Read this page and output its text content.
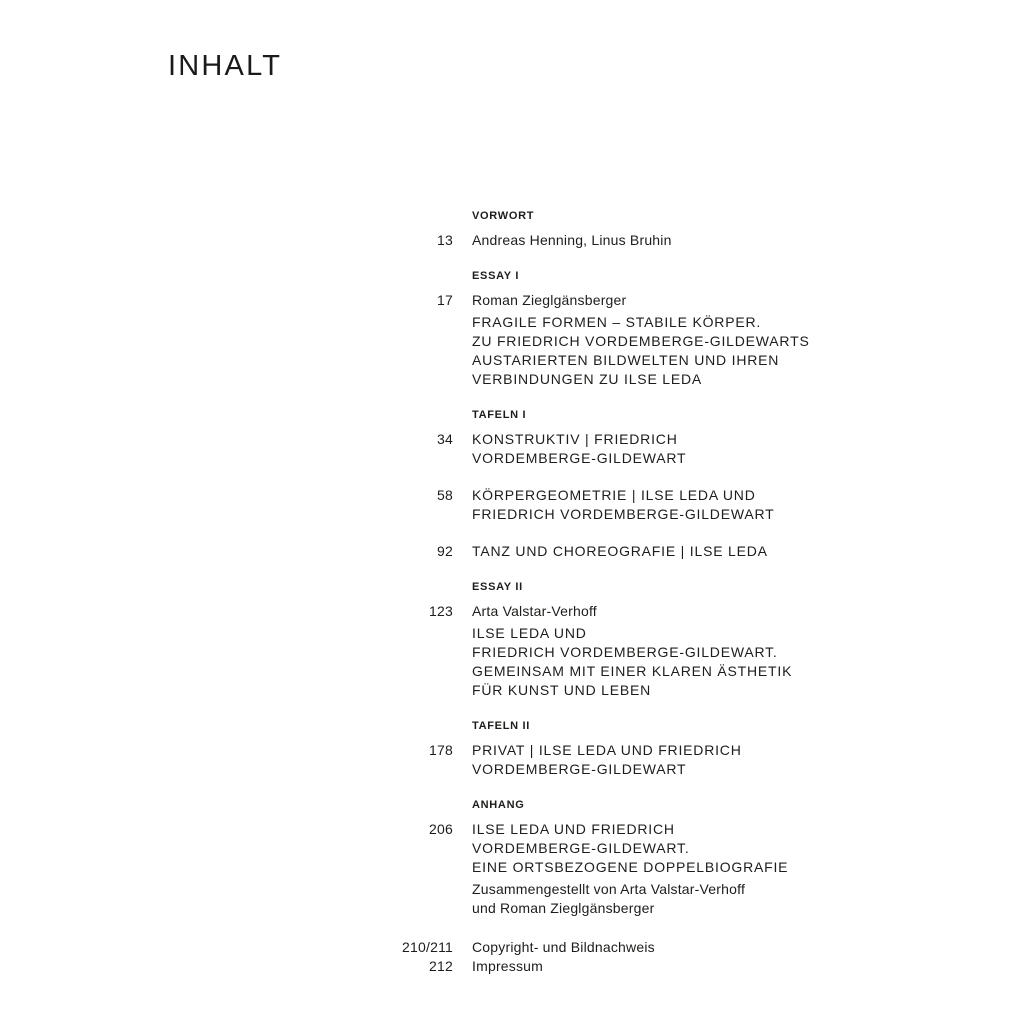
INHALT
VORWORT
13 Andreas Henning, Linus Bruhin
ESSAY I
17 Roman Zieglgänsberger
FRAGILE FORMEN – STABILE KÖRPER.
ZU FRIEDRICH VORDEMBERGE-GILDEWARTS
AUSTARIERTEN BILDWELTEN UND IHREN
VERBINDUNGEN ZU ILSE LEDA
TAFELN I
34 KONSTRUKTIV | FRIEDRICH
VORDEMBERGE-GILDEWART
58 KÖRPERGEOMETRIE | ILSE LEDA UND
FRIEDRICH VORDEMBERGE-GILDEWART
92 TANZ UND CHOREOGRAFIE | ILSE LEDA
ESSAY II
123 Arta Valstar-Verhoff
ILSE LEDA UND
FRIEDRICH VORDEMBERGE-GILDEWART.
GEMEINSAM MIT EINER KLAREN ÄSTHETIK
FÜR KUNST UND LEBEN
TAFELN II
178 PRIVAT | ILSE LEDA UND FRIEDRICH
VORDEMBERGE-GILDEWART
ANHANG
206 ILSE LEDA UND FRIEDRICH
VORDEMBERGE-GILDEWART.
EINE ORTSBEZOGENE DOPPELBIOGRAFIE
Zusammengestellt von Arta Valstar-Verhoff
und Roman Zieglgänsberger
210/211 Copyright- und Bildnachweis
212 Impressum
